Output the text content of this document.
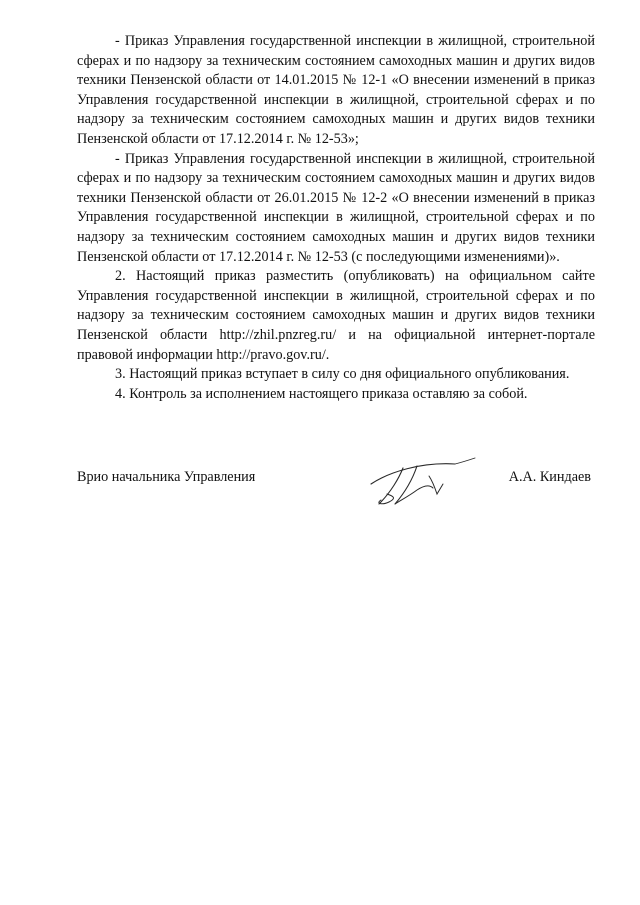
- Приказ Управления государственной инспекции в жилищной, строительной сферах и по надзору за техническим состоянием самоходных машин и других видов техники Пензенской области от 14.01.2015 № 12-1 «О внесении изменений в приказ Управления государственной инспекции в жилищной, строительной сферах и по надзору за техническим состоянием самоходных машин и других видов техники Пензенской области от 17.12.2014 г. № 12-53»;

- Приказ Управления государственной инспекции в жилищной, строительной сферах и по надзору за техническим состоянием самоходных машин и других видов техники Пензенской области от 26.01.2015 № 12-2 «О внесении изменений в приказ Управления государственной инспекции в жилищной, строительной сферах и по надзору за техническим состоянием самоходных машин и других видов техники Пензенской области от 17.12.2014 г. № 12-53 (с последующими изменениями)».

2. Настоящий приказ разместить (опубликовать) на официальном сайте Управления государственной инспекции в жилищной, строительной сферах и по надзору за техническим состоянием самоходных машин и других видов техники Пензенской области http://zhil.pnzreg.ru/ и на официальной интернет-портале правовой информации http://pravo.gov.ru/.

3. Настоящий приказ вступает в силу со дня официального опубликования.

4. Контроль за исполнением настоящего приказа оставляю за собой.

Врио начальника Управления	А.А. Киндаев
